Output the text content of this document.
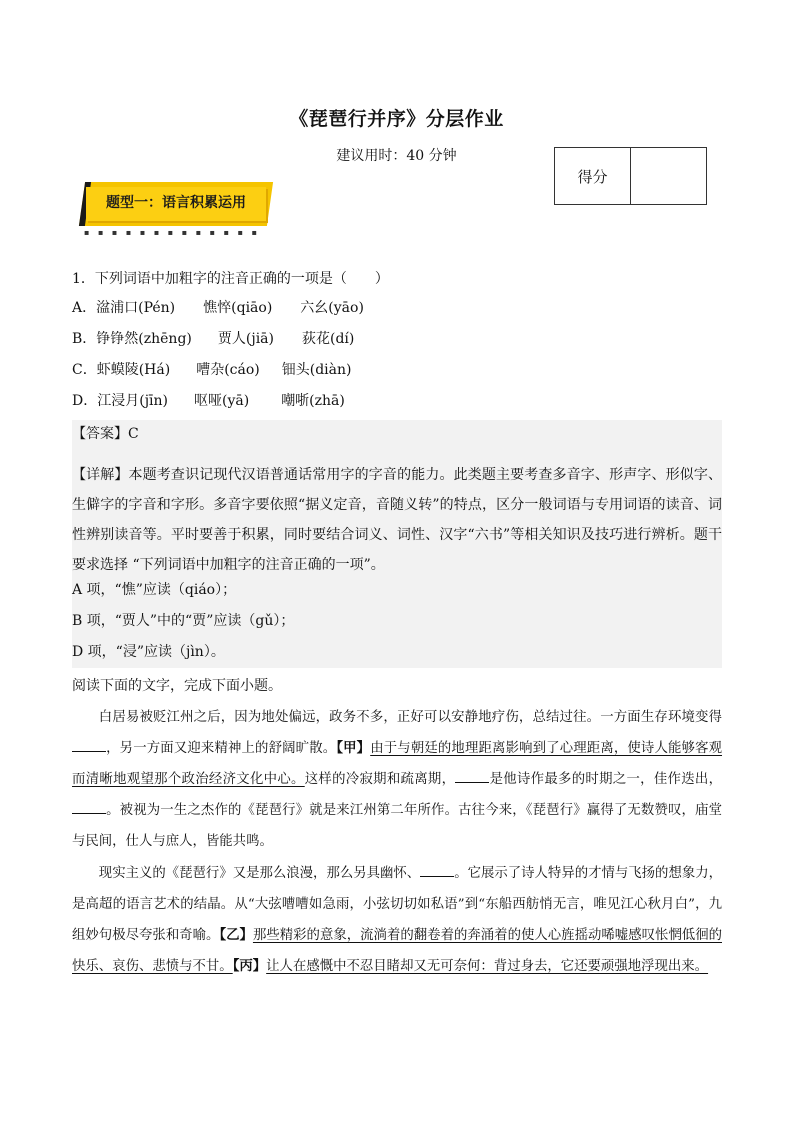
《琵琶行并序》分层作业
建议用时：40 分钟
得分
题型一：语言积累运用
▪ ▪ ▪ ▪ ▪ ▪ ▪ ▪ ▪ ▪ ▪ ▪ ▪
1．下列词语中加粗字的注音正确的一项是（　　）
A．湓浦口(Pén) 憔悴(qiāo) 六幺(yāo)
B．铮铮然(zhēng) 贾人(jiā) 荻花(dí)
C．虾蟆陵(Há) 嘈杂(cáo) 钿头(diàn)
D．江浸月(jīn) 呕哑(yā) 嘲哳(zhā)
【答案】C
【详解】本题考查识记现代汉语普通话常用字的字音的能力。此类题主要考查多音字、形声字、形似字、生僻字的字音和字形。多音字要依照“据义定音，音随义转”的特点，区分一般词语与专用词语的读音、词性辨别读音等。平时要善于积累，同时要结合词义、词性、汉字“六书”等相关知识及技巧进行辨析。题干要求选择 “下列词语中加粗字的注音正确的一项”。
A 项，“憔”应读（qiáo）；
B 项，“贾人”中的“贾”应读（gǔ）；
D 项，“浸”应读（jìn）。
阅读下面的文字，完成下面小题。
白居易被贬江州之后，因为地处偏远，政务不多，正好可以安静地疗伤，总结过往。一方面生存环境变得，另一方面又迎来精神上的舒阔旷散。【甲】由于与朝廷的地理距离影响到了心理距离，使诗人能够客观而清晰地观望那个政治经济文化中心。这样的冷寂期和疏离期，	是他诗作最多的时期之一，佳作迭出，。被视为一生之杰作的《琵琶行》就是来江州第二年所作。古往今来，《琵琶行》赢得了无数赞叹，庙堂与民间，仕人与庶人，皆能共鸣。
现实主义的《琵琶行》又是那么浪漫，那么另具幽怀、	。它展示了诗人特异的才情与飞扬的想象力，是高超的语言艺术的结晶。从“大弦嘈嘈如急雨，小弦切切如私语”到“东船西舫悄无言，唯见江心秋月白”，九组妙句极尽夸张和奇喻。【乙】那些精彩的意象，流淌着的翻卷着的奔涌着的使人心旌摇动唏嘘感叹怅惘低徊的快乐、哀伤、悲愤与不甘。【丙】让人在感慨中不忍目睹却又无可奈何：背过身去，它还要顽强地浮现出来。
